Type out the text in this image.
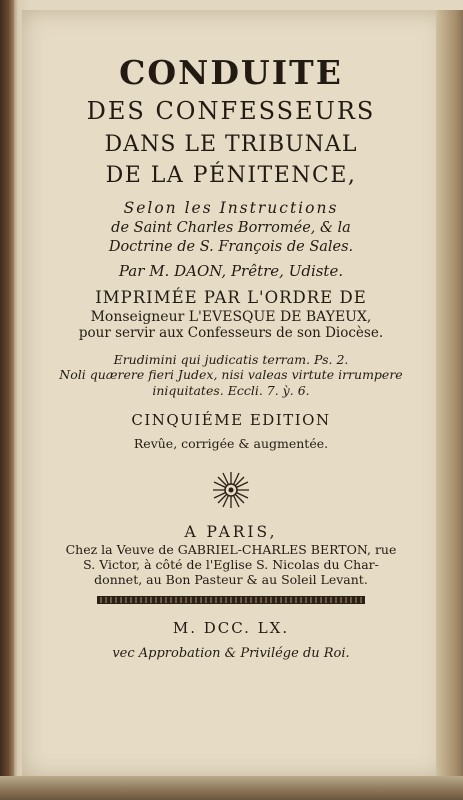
CONDUITE
DES CONFESSEURS
DANS LE TRIBUNAL
DE LA PÉNITENCE,
Selon les Instructions
de Saint Charles Borromée, & la
Doctrine de S. François de Sales.
Par M. DAON, Prêtre, Udiste.
IMPRIMÉE PAR L'ORDRE DE
Monseigneur L'EVESQUE DE BAYEUX,
pour servir aux Confesseurs de son Diocèse.
Erudimini qui judicatis terram. Ps. 2.
Noli quærere fieri Judex, nisi valeas virtute irrumpere
iniquitates. Eccli. 7. ỳ. 6.
CINQUIÉME EDITION
Revûe, corrigée & augmentée.
A PARIS,
Chez la Veuve de GABRIEL-CHARLES BERTON, rue
S. Victor, à côté de l'Eglise S. Nicolas du Char-
donnet, au Bon Pasteur & au Soleil Levant.
M. DCC. LX.
vec Approbation & Privilége du Roi.
